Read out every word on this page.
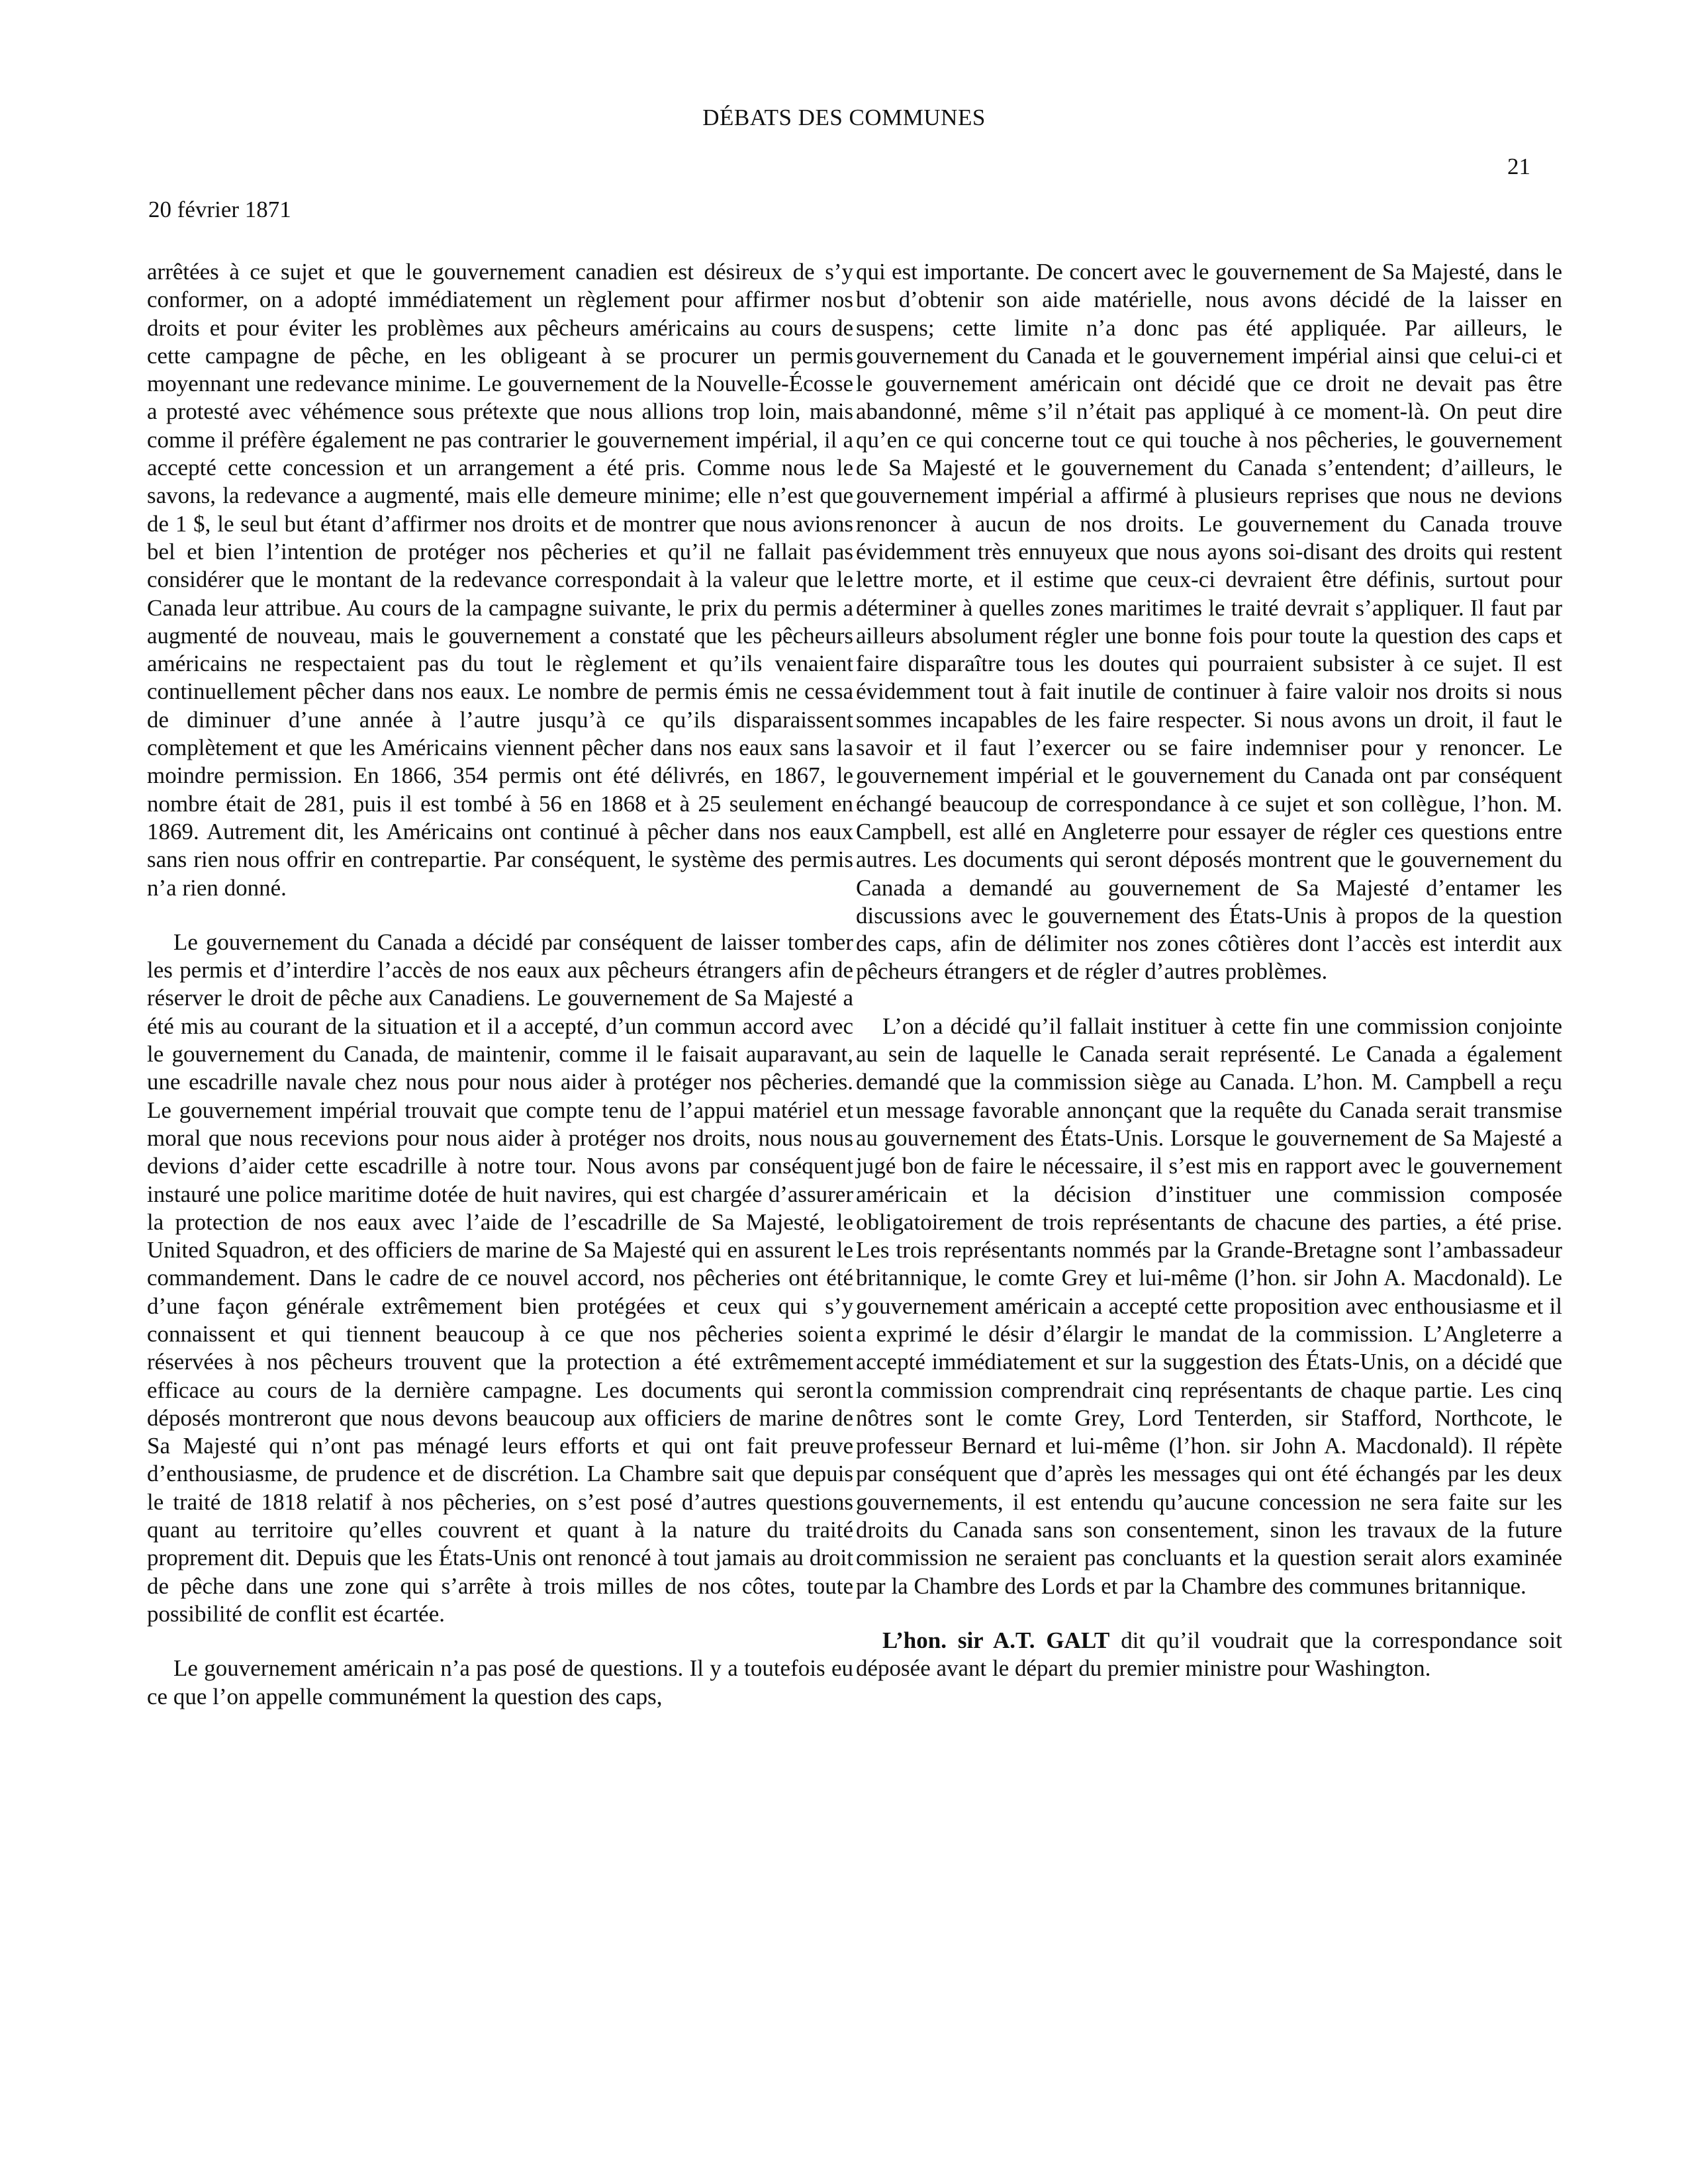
DÉBATS DES COMMUNES
21
20 février 1871

arrêtées à ce sujet et que le gouvernement canadien est désireux de s’y conformer, on a adopté immédiatement un règlement pour affirmer nos droits et pour éviter les problèmes aux pêcheurs américains au cours de cette campagne de pêche, en les obligeant à se procurer un permis moyennant une redevance minime. Le gouvernement de la Nouvelle-Écosse a protesté avec véhémence sous prétexte que nous allions trop loin, mais comme il préfère également ne pas contrarier le gouvernement impérial, il a accepté cette concession et un arrangement a été pris. Comme nous le savons, la redevance a augmenté, mais elle demeure minime; elle n’est que de 1 $, le seul but étant d’affirmer nos droits et de montrer que nous avions bel et bien l’intention de protéger nos pêcheries et qu’il ne fallait pas considérer que le montant de la redevance correspondait à la valeur que le Canada leur attribue. Au cours de la campagne suivante, le prix du permis a augmenté de nouveau, mais le gouvernement a constaté que les pêcheurs américains ne respectaient pas du tout le règlement et qu’ils venaient continuellement pêcher dans nos eaux. Le nombre de permis émis ne cessa de diminuer d’une année à l’autre jusqu’à ce qu’ils disparaissent complètement et que les Américains viennent pêcher dans nos eaux sans la moindre permission. En 1866, 354 permis ont été délivrés, en 1867, le nombre était de 281, puis il est tombé à 56 en 1868 et à 25 seulement en 1869. Autrement dit, les Américains ont continué à pêcher dans nos eaux sans rien nous offrir en contrepartie. Par conséquent, le système des permis n’a rien donné.

Le gouvernement du Canada a décidé par conséquent de laisser tomber les permis et d’interdire l’accès de nos eaux aux pêcheurs étrangers afin de réserver le droit de pêche aux Canadiens. Le gouvernement de Sa Majesté a été mis au courant de la situation et il a accepté, d’un commun accord avec le gouvernement du Canada, de maintenir, comme il le faisait auparavant, une escadrille navale chez nous pour nous aider à protéger nos pêcheries. Le gouvernement impérial trouvait que compte tenu de l’appui matériel et moral que nous recevions pour nous aider à protéger nos droits, nous nous devions d’aider cette escadrille à notre tour. Nous avons par conséquent instauré une police maritime dotée de huit navires, qui est chargée d’assurer la protection de nos eaux avec l’aide de l’escadrille de Sa Majesté, le United Squadron, et des officiers de marine de Sa Majesté qui en assurent le commandement. Dans le cadre de ce nouvel accord, nos pêcheries ont été d’une façon générale extrêmement bien protégées et ceux qui s’y connaissent et qui tiennent beaucoup à ce que nos pêcheries soient réservées à nos pêcheurs trouvent que la protection a été extrêmement efficace au cours de la dernière campagne. Les documents qui seront déposés montreront que nous devons beaucoup aux officiers de marine de Sa Majesté qui n’ont pas ménagé leurs efforts et qui ont fait preuve d’enthousiasme, de prudence et de discrétion. La Chambre sait que depuis le traité de 1818 relatif à nos pêcheries, on s’est posé d’autres questions quant au territoire qu’elles couvrent et quant à la nature du traité proprement dit. Depuis que les États-Unis ont renoncé à tout jamais au droit de pêche dans une zone qui s’arrête à trois milles de nos côtes, toute possibilité de conflit est écartée.

Le gouvernement américain n’a pas posé de questions. Il y a toutefois eu ce que l’on appelle communément la question des caps,

qui est importante. De concert avec le gouvernement de Sa Majesté, dans le but d’obtenir son aide matérielle, nous avons décidé de la laisser en suspens; cette limite n’a donc pas été appliquée. Par ailleurs, le gouvernement du Canada et le gouvernement impérial ainsi que celui-ci et le gouvernement américain ont décidé que ce droit ne devait pas être abandonné, même s’il n’était pas appliqué à ce moment-là. On peut dire qu’en ce qui concerne tout ce qui touche à nos pêcheries, le gouvernement de Sa Majesté et le gouvernement du Canada s’entendent; d’ailleurs, le gouvernement impérial a affirmé à plusieurs reprises que nous ne devions renoncer à aucun de nos droits. Le gouvernement du Canada trouve évidemment très ennuyeux que nous ayons soi-disant des droits qui restent lettre morte, et il estime que ceux-ci devraient être définis, surtout pour déterminer à quelles zones maritimes le traité devrait s’appliquer. Il faut par ailleurs absolument régler une bonne fois pour toute la question des caps et faire disparaître tous les doutes qui pourraient subsister à ce sujet. Il est évidemment tout à fait inutile de continuer à faire valoir nos droits si nous sommes incapables de les faire respecter. Si nous avons un droit, il faut le savoir et il faut l’exercer ou se faire indemniser pour y renoncer. Le gouvernement impérial et le gouvernement du Canada ont par conséquent échangé beaucoup de correspondance à ce sujet et son collègue, l’hon. M. Campbell, est allé en Angleterre pour essayer de régler ces questions entre autres. Les documents qui seront déposés montrent que le gouvernement du Canada a demandé au gouvernement de Sa Majesté d’entamer les discussions avec le gouvernement des États-Unis à propos de la question des caps, afin de délimiter nos zones côtières dont l’accès est interdit aux pêcheurs étrangers et de régler d’autres problèmes.

L’on a décidé qu’il fallait instituer à cette fin une commission conjointe au sein de laquelle le Canada serait représenté. Le Canada a également demandé que la commission siège au Canada. L’hon. M. Campbell a reçu un message favorable annonçant que la requête du Canada serait transmise au gouvernement des États-Unis. Lorsque le gouvernement de Sa Majesté a jugé bon de faire le nécessaire, il s’est mis en rapport avec le gouvernement américain et la décision d’instituer une commission composée obligatoirement de trois représentants de chacune des parties, a été prise. Les trois représentants nommés par la Grande-Bretagne sont l’ambassadeur britannique, le comte Grey et lui-même (l’hon. sir John A. Macdonald). Le gouvernement américain a accepté cette proposition avec enthousiasme et il a exprimé le désir d’élargir le mandat de la commission. L’Angleterre a accepté immédiatement et sur la suggestion des États-Unis, on a décidé que la commission comprendrait cinq représentants de chaque partie. Les cinq nôtres sont le comte Grey, Lord Tenterden, sir Stafford, Northcote, le professeur Bernard et lui-même (l’hon. sir John A. Macdonald). Il répète par conséquent que d’après les messages qui ont été échangés par les deux gouvernements, il est entendu qu’aucune concession ne sera faite sur les droits du Canada sans son consentement, sinon les travaux de la future commission ne seraient pas concluants et la question serait alors examinée par la Chambre des Lords et par la Chambre des communes britannique.

L’hon. sir A.T. GALT dit qu’il voudrait que la correspondance soit déposée avant le départ du premier ministre pour Washington.
